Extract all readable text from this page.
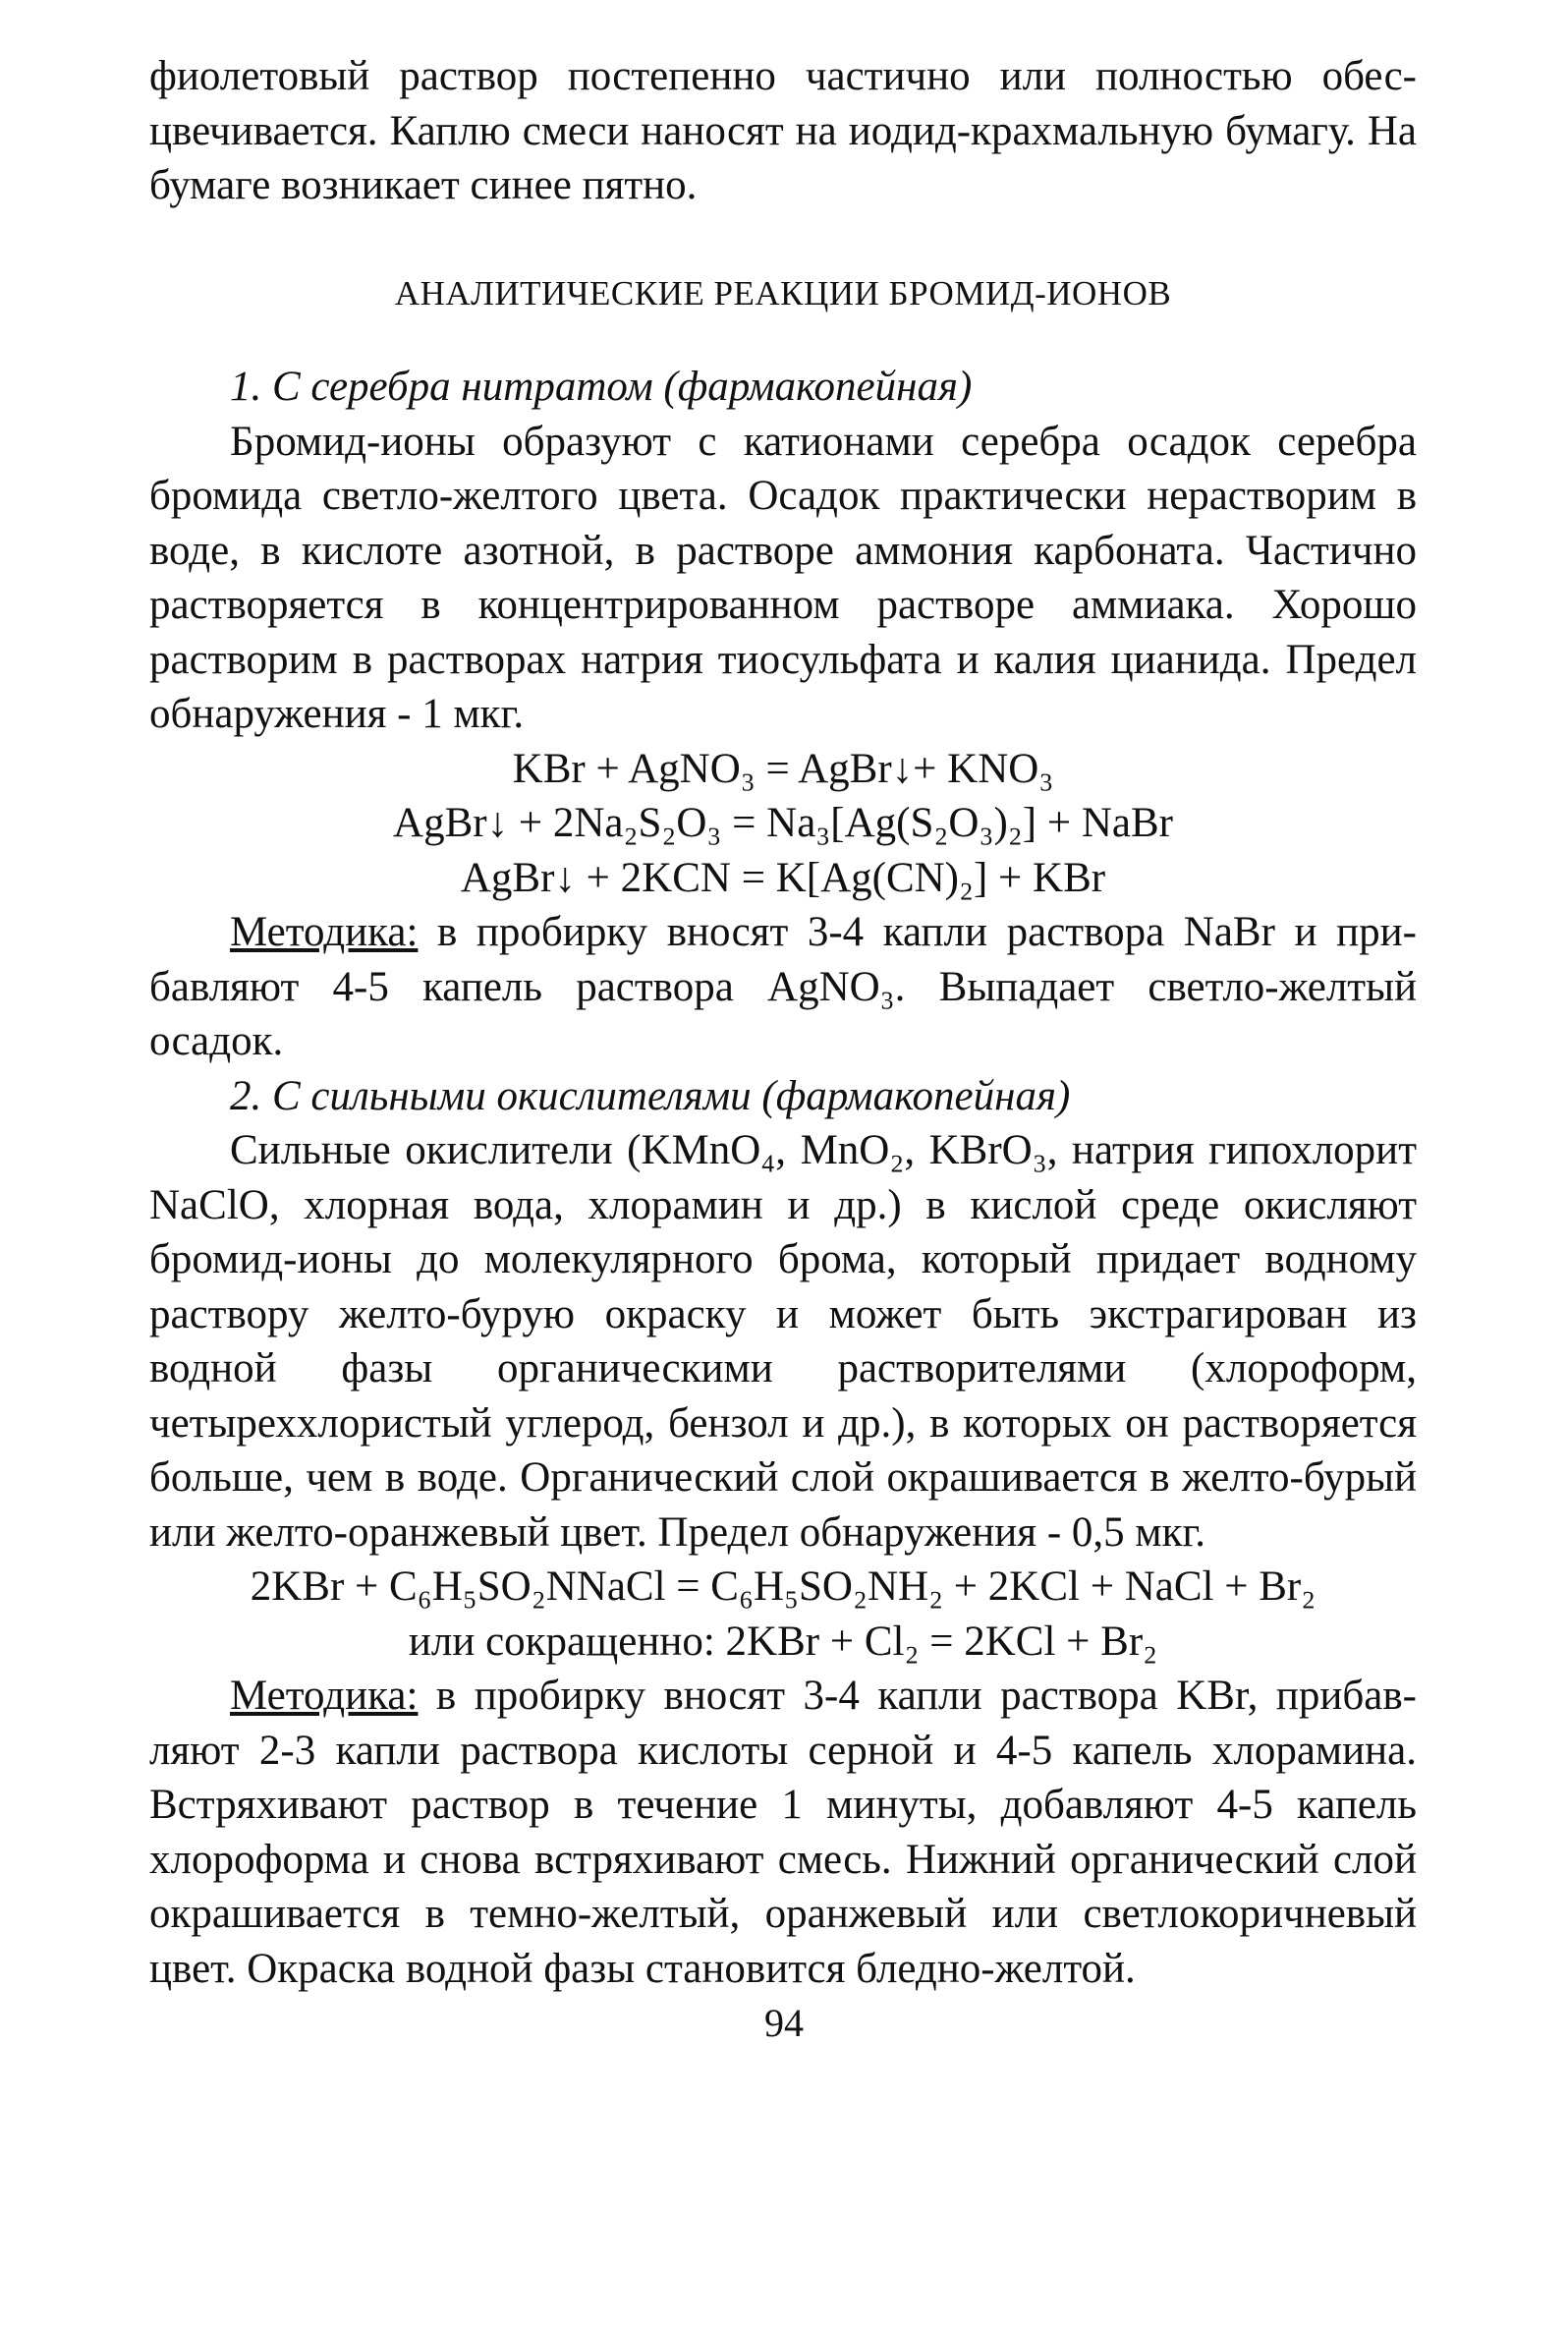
фиолетовый раствор постепенно частично или полностью обесцвечивается. Каплю смеси наносят на иодид-крахмальную бумагу. На бумаге возникает синее пятно.

АНАЛИТИЧЕСКИЕ РЕАКЦИИ БРОМИД-ИОНОВ
1. С серебра нитратом (фармакопейная)

Бромид-ионы образуют с катионами серебра осадок серебра бромида светло-желтого цвета. Осадок практически нерастворим в воде, в кислоте азотной, в растворе аммония карбоната. Частично растворяется в концентрированном растворе аммиака. Хорошо растворим в растворах натрия тиосульфата и калия цианида. Предел обнаружения - 1 мкг.

KBr + AgNO₃ = AgBr↓+ KNO₃
AgBr↓ + 2Na₂S₂O₃ = Na₃[Ag(S₂O₃)₂] + NaBr
AgBr↓ + 2KCN = K[Ag(CN)₂] + KBr

Методика: в пробирку вносят 3-4 капли раствора NaBr и прибавляют 4-5 капель раствора AgNO₃. Выпадает светло-желтый осадок.

2. С сильными окислителями (фармакопейная)

Сильные окислители (KMnO₄, MnO₂, KBrO₃, натрия гипохлорит NaClO, хлорная вода, хлорамин и др.) в кислой среде окисляют бромид-ионы до молекулярного брома, который придает водному раствору желто-бурую окраску и может быть экстрагирован из водной фазы органическими растворителями (хлороформ, четыреххлористый углерод, бензол и др.), в которых он растворяется больше, чем в воде. Органический слой окрашивается в желто-бурый или желто-оранжевый цвет. Предел обнаружения - 0,5 мкг.

2KBr + C₆H₅SO₂NNaCl = C₆H₅SO₂NH₂ + 2KCl + NaCl + Br₂
или сокращенно: 2KBr + Cl₂ = 2KCl + Br₂

Методика: в пробирку вносят 3-4 капли раствора KBr, прибавляют 2-3 капли раствора кислоты серной и 4-5 капель хлорамина. Встряхивают раствор в течение 1 минуты, добавляют 4-5 капель хлороформа и снова встряхивают смесь. Нижний органический слой окрашивается в темно-желтый, оранжевый или светлокоричневый цвет. Окраска водной фазы становится бледно-желтой.

94
